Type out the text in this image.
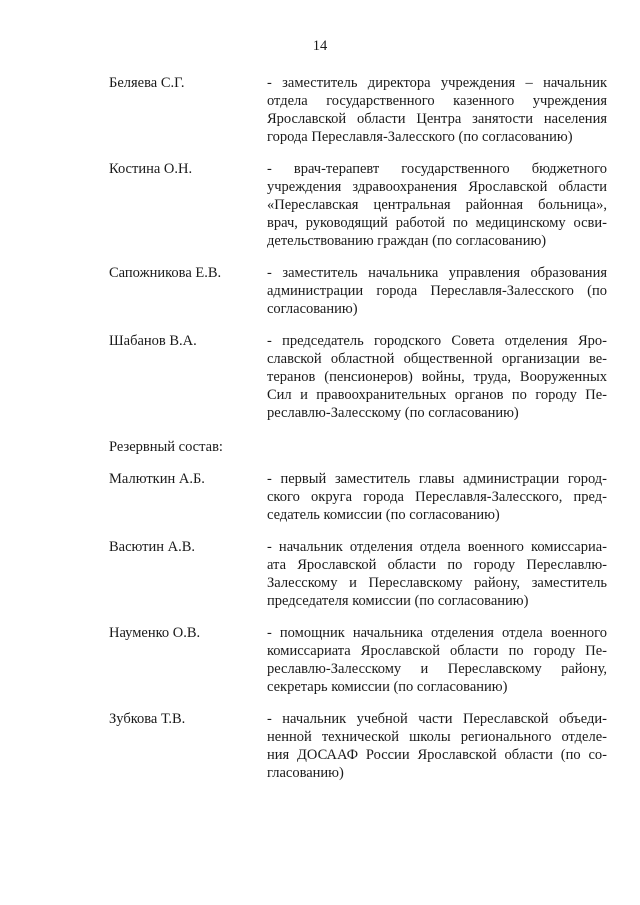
14
Беляева С.Г.	- заместитель директора учреждения – начальник
отдела государственного казенного учреждения
Ярославской области Центра занятости населения
города Переславля-Залесского (по согласованию)
Костина О.Н.	- врач-терапевт государственного бюджетного
учреждения здравоохранения Ярославской области
«Переславская центральная районная больница»,
врач, руководящий работой по медицинскому осви-
детельствованию граждан (по согласованию)
Сапожникова Е.В.	- заместитель начальника управления образования
администрации города Переславля-Залесского (по
согласованию)
Шабанов В.А.	- председатель городского Совета отделения Яро-
славской областной общественной организации ве-
теранов (пенсионеров) войны, труда, Вооруженных
Сил и правоохранительных органов по городу Пе-
реславлю-Залесскому (по согласованию)
Резервный состав:
Малюткин А.Б.	- первый заместитель главы администрации город-
ского округа города Переславля-Залесского, пред-
седатель комиссии (по согласованию)
Васютин А.В.	- начальник отделения отдела военного комиссариа-
ата Ярославской области по городу Переславлю-
Залесскому и Переславскому району, заместитель
председателя комиссии (по согласованию)
Науменко О.В.	- помощник начальника отделения отдела военного
комиссариата Ярославской области по городу Пе-
реславлю-Залесскому и Переславскому району,
секретарь комиссии (по согласованию)
Зубкова Т.В.	- начальник учебной части Переславской объеди-
ненной технической школы регионального отделе-
ния ДОСААФ России Ярославской области (по со-
гласованию)
